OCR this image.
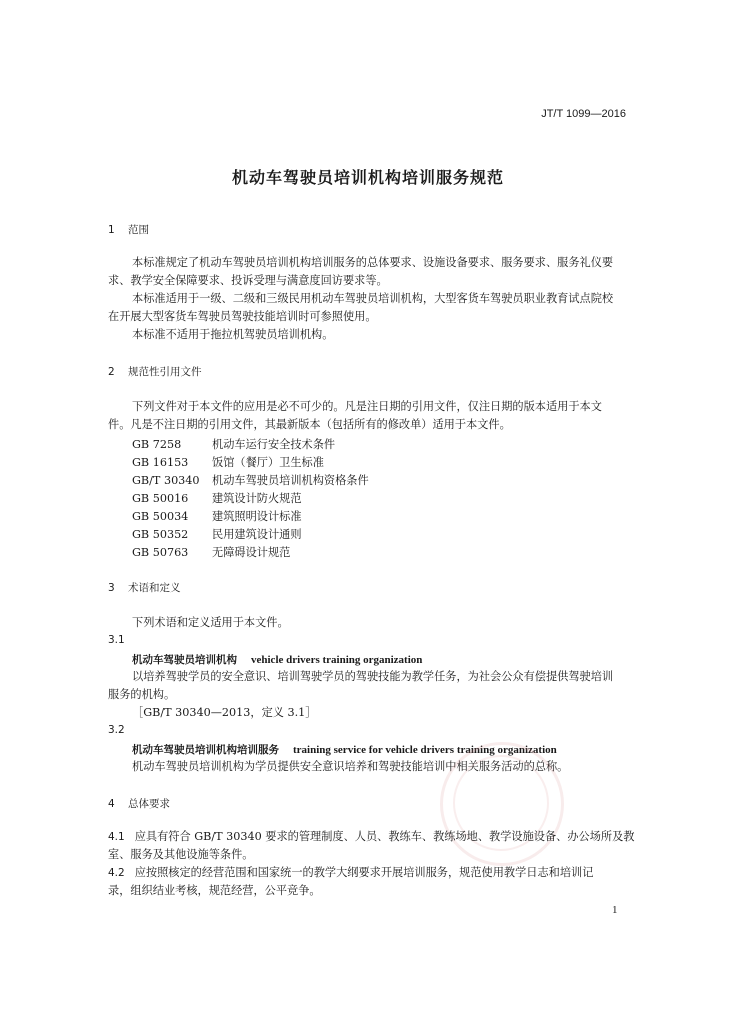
JT/T 1099—2016
机动车驾驶员培训机构培训服务规范
1 范围
本标准规定了机动车驾驶员培训机构培训服务的总体要求、设施设备要求、服务要求、服务礼仪要
求、教学安全保障要求、投诉受理与满意度回访要求等。
本标准适用于一级、二级和三级民用机动车驾驶员培训机构，大型客货车驾驶员职业教育试点院校
在开展大型客货车驾驶员驾驶技能培训时可参照使用。
本标准不适用于拖拉机驾驶员培训机构。
2 规范性引用文件
下列文件对于本文件的应用是必不可少的。凡是注日期的引用文件，仅注日期的版本适用于本文
件。凡是不注日期的引用文件，其最新版本（包括所有的修改单）适用于本文件。
GB 7258	机动车运行安全技术条件
GB 16153 饭馆（餐厅）卫生标准
GB/T 30340 机动车驾驶员培训机构资格条件
GB 50016 建筑设计防火规范
GB 50034 建筑照明设计标准
GB 50352 民用建筑设计通则
GB 50763 无障碍设计规范
3 术语和定义
下列术语和定义适用于本文件。
3.1
机动车驾驶员培训机构 vehicle drivers training organization
以培养驾驶学员的安全意识、培训驾驶学员的驾驶技能为教学任务，为社会公众有偿提供驾驶培训
服务的机构。
［GB/T 30340—2013，定义 3.1］
3.2
机动车驾驶员培训机构培训服务 training service for vehicle drivers training organization
机动车驾驶员培训机构为学员提供安全意识培养和驾驶技能培训中相关服务活动的总称。
4 总体要求
4.1 应具有符合 GB/T 30340 要求的管理制度、人员、教练车、教练场地、教学设施设备、办公场所及教
室、服务及其他设施等条件。
4.2 应按照核定的经营范围和国家统一的教学大纲要求开展培训服务，规范使用教学日志和培训记
录，组织结业考核，规范经营，公平竞争。
1
